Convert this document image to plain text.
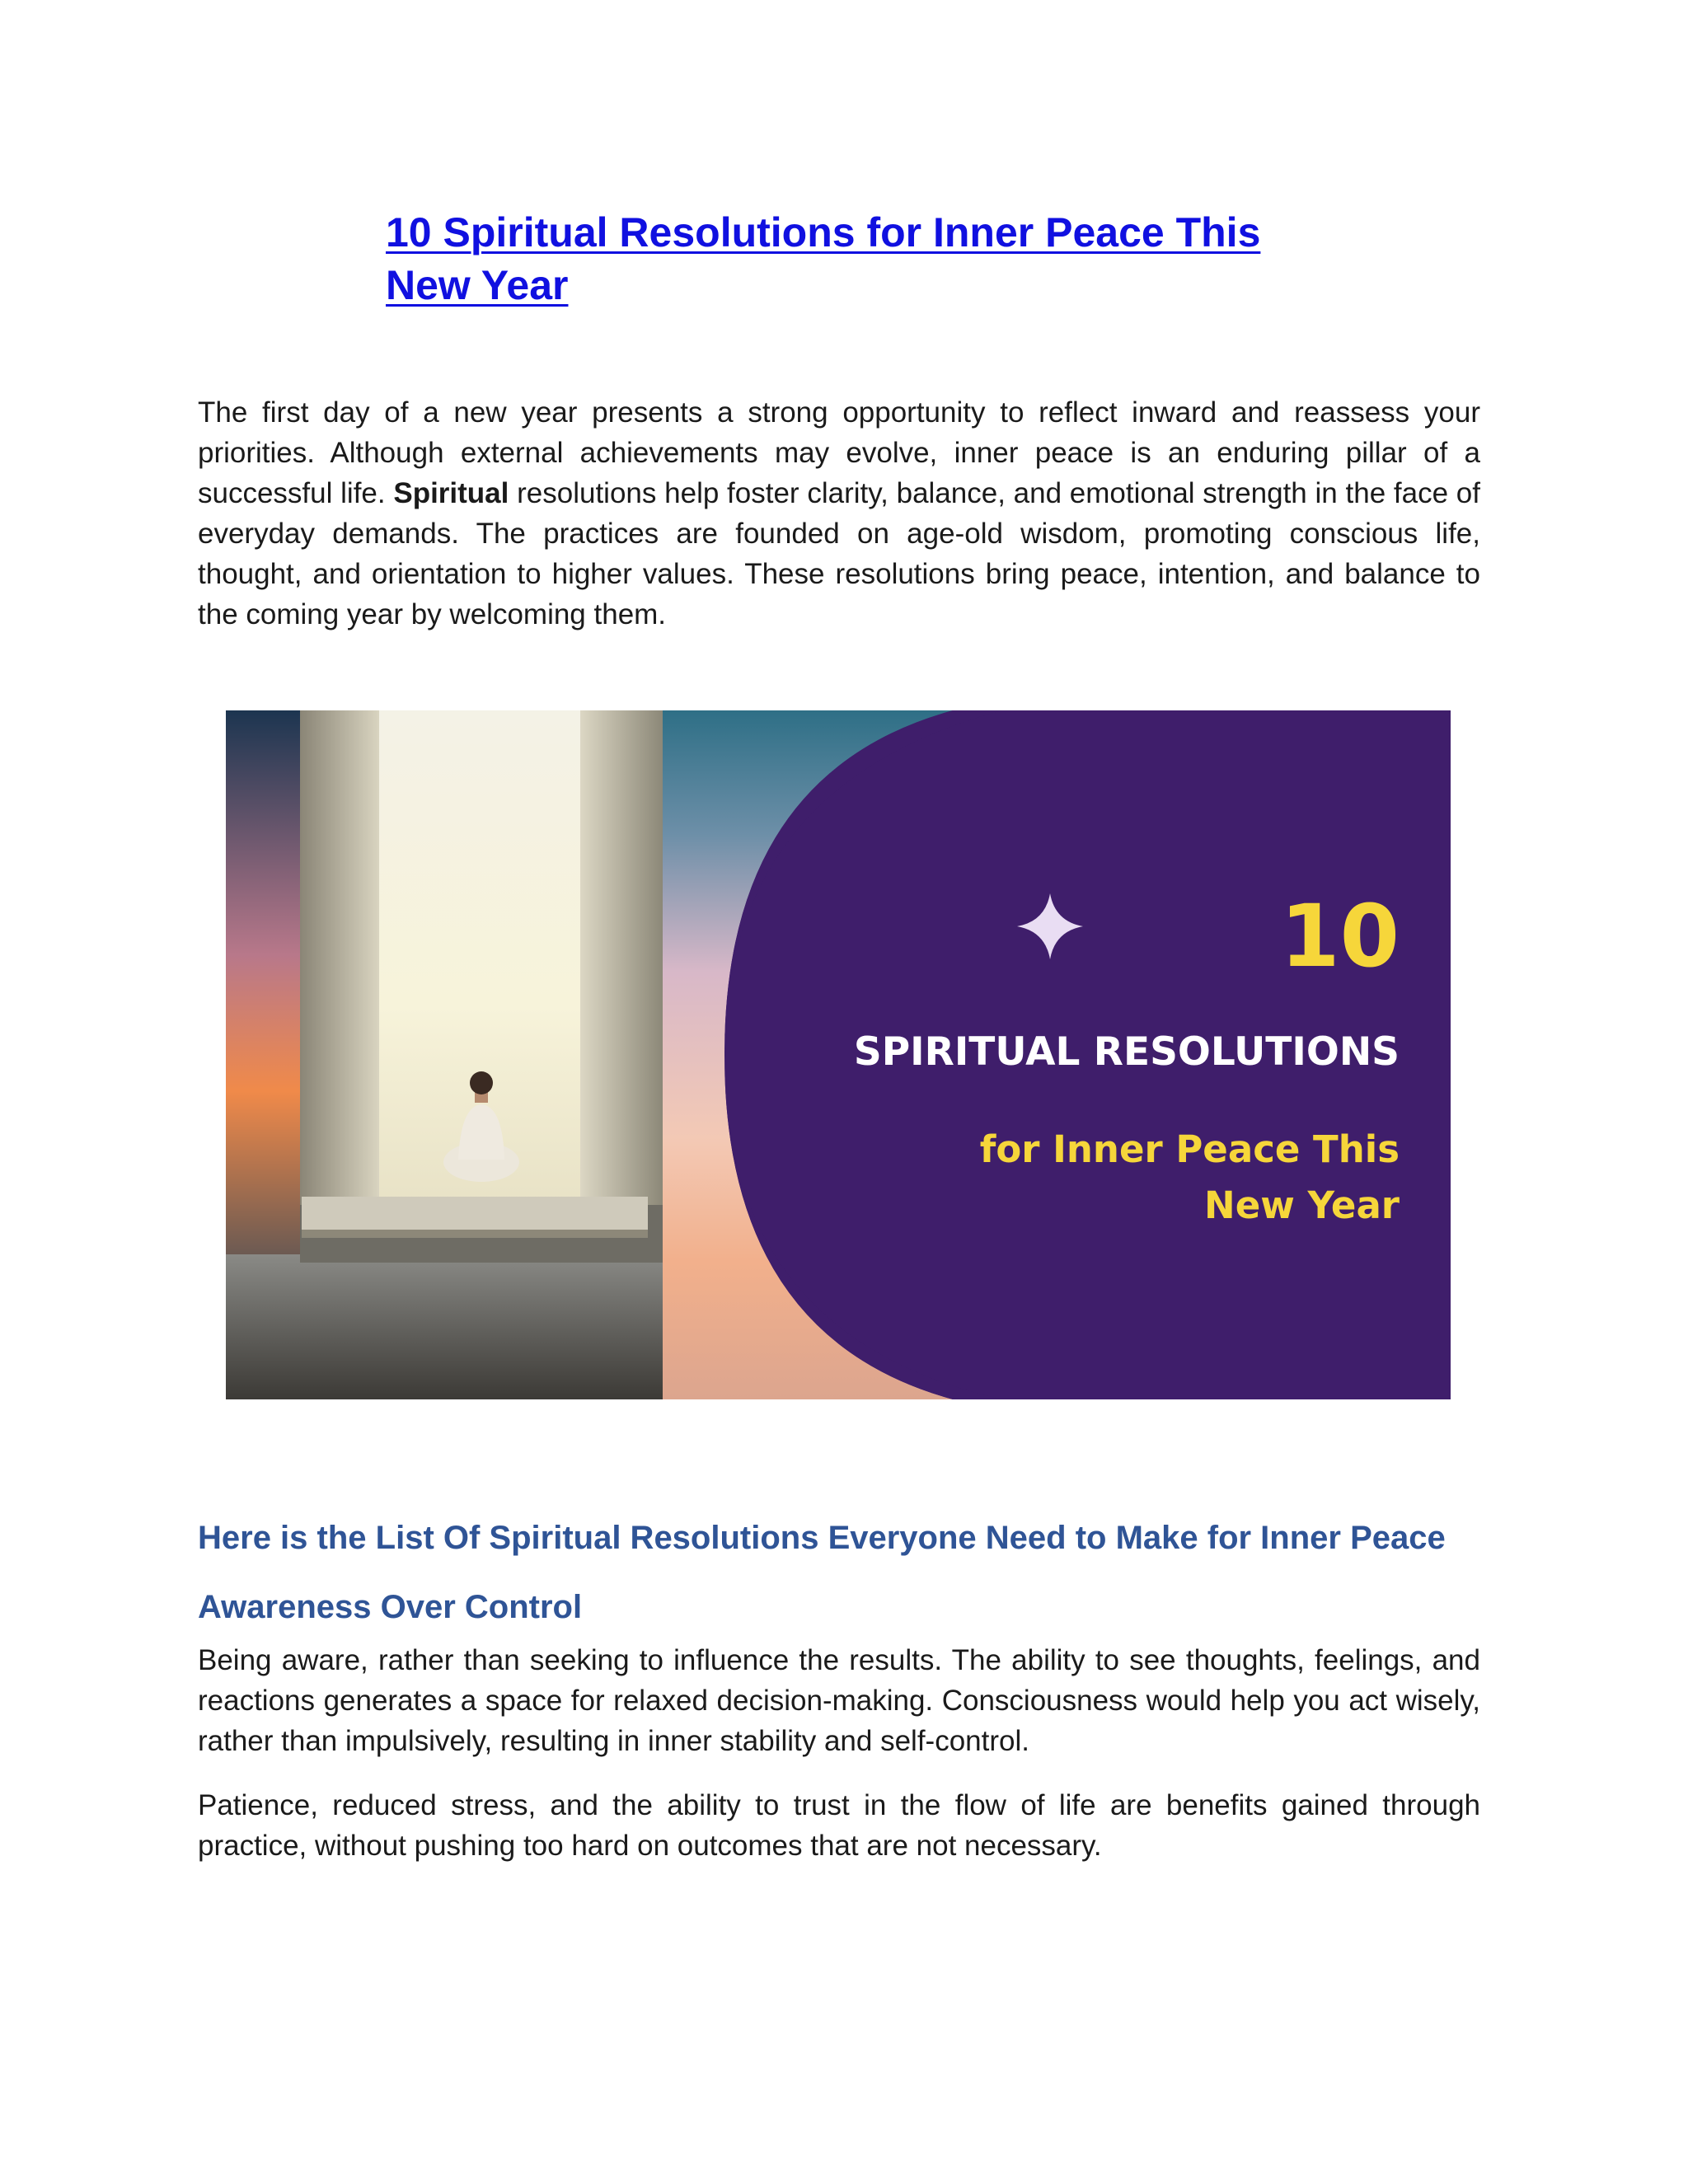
10 Spiritual Resolutions for Inner Peace This New Year

The first day of a new year presents a strong opportunity to reflect inward and reassess your priorities. Although external achievements may evolve, inner peace is an enduring pillar of a successful life. Spiritual resolutions help foster clarity, balance, and emotional strength in the face of everyday demands. The practices are founded on age-old wisdom, promoting conscious life, thought, and orientation to higher values. These resolutions bring peace, intention, and balance to the coming year by welcoming them.

10
SPIRITUAL RESOLUTIONS
for Inner Peace This
New Year
Here is the List Of Spiritual Resolutions Everyone Need to Make for Inner Peace
Awareness Over Control

Being aware, rather than seeking to influence the results. The ability to see thoughts, feelings, and reactions generates a space for relaxed decision-making. Consciousness would help you act wisely, rather than impulsively, resulting in inner stability and self-control.

Patience, reduced stress, and the ability to trust in the flow of life are benefits gained through practice, without pushing too hard on outcomes that are not necessary.
